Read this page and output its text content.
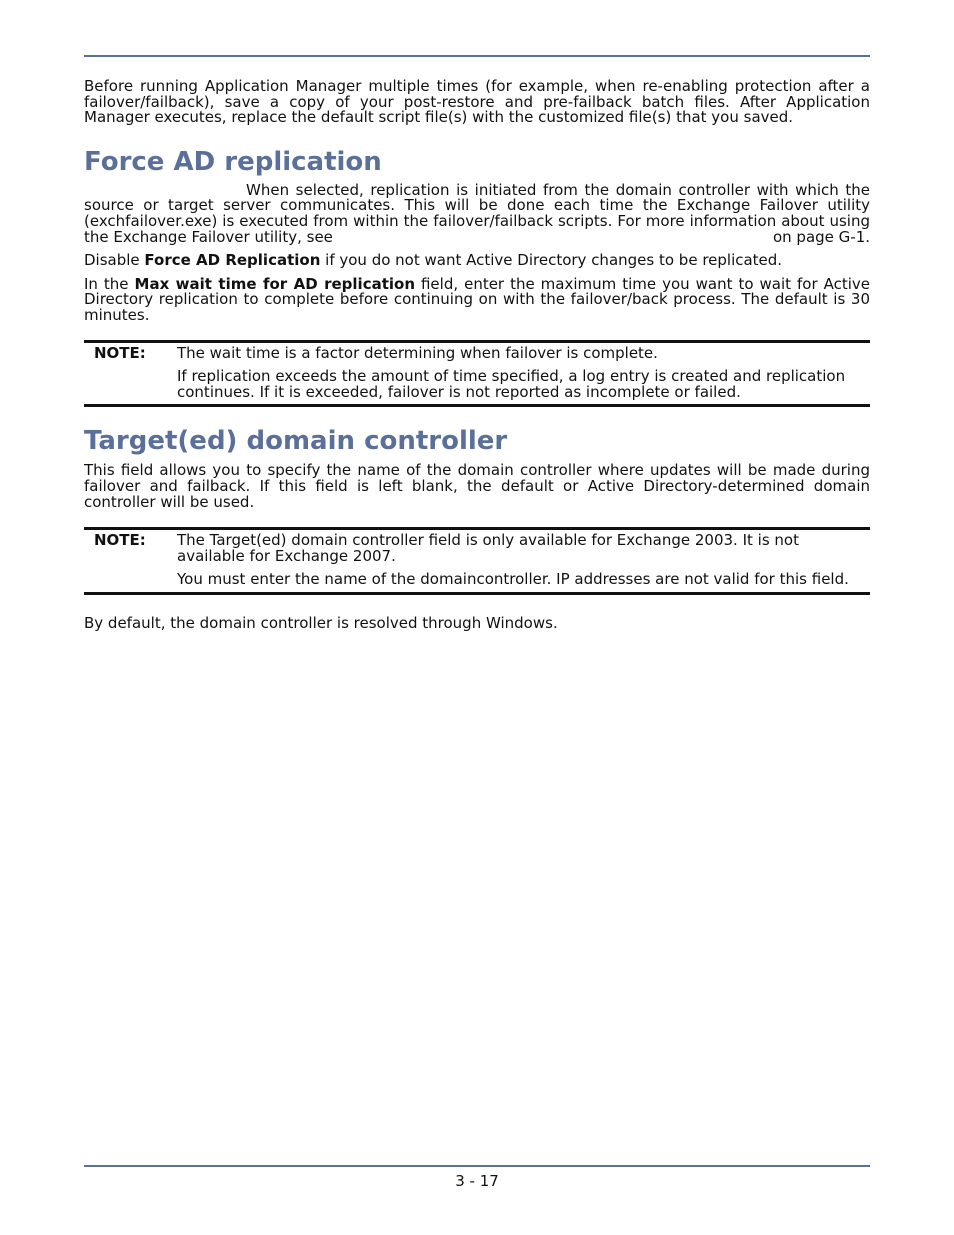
Before running Application Manager multiple times (for example, when re-enabling protection after a failover/failback), save a copy of your post-restore and pre-failback batch files. After Application Manager executes, replace the default script file(s) with the customized file(s) that you saved.

Force AD replication

When selected, replication is initiated from the domain controller with which the source or target server communicates. This will be done each time the Exchange Failover utility (exchfailover.exe) is executed from within the failover/failback scripts. For more information about using the Exchange Failover utility, see	on page G-1.

Disable Force AD Replication if you do not want Active Directory changes to be replicated.

In the Max wait time for AD replication field, enter the maximum time you want to wait for Active Directory replication to complete before continuing on with the failover/back process. The default is 30 minutes.

NOTE:	The wait time is a factor determining when failover is complete.

If replication exceeds the amount of time specified, a log entry is created and replication continues. If it is exceeded, failover is not reported as incomplete or failed.

Target(ed) domain controller

This field allows you to specify the name of the domain controller where updates will be made during failover and failback. If this field is left blank, the default or Active Directory-determined domain controller will be used.

NOTE:	The Target(ed) domain controller field is only available for Exchange 2003. It is not available for Exchange 2007.

You must enter the name of the domaincontroller. IP addresses are not valid for this field.

By default, the domain controller is resolved through Windows.

3 - 17
